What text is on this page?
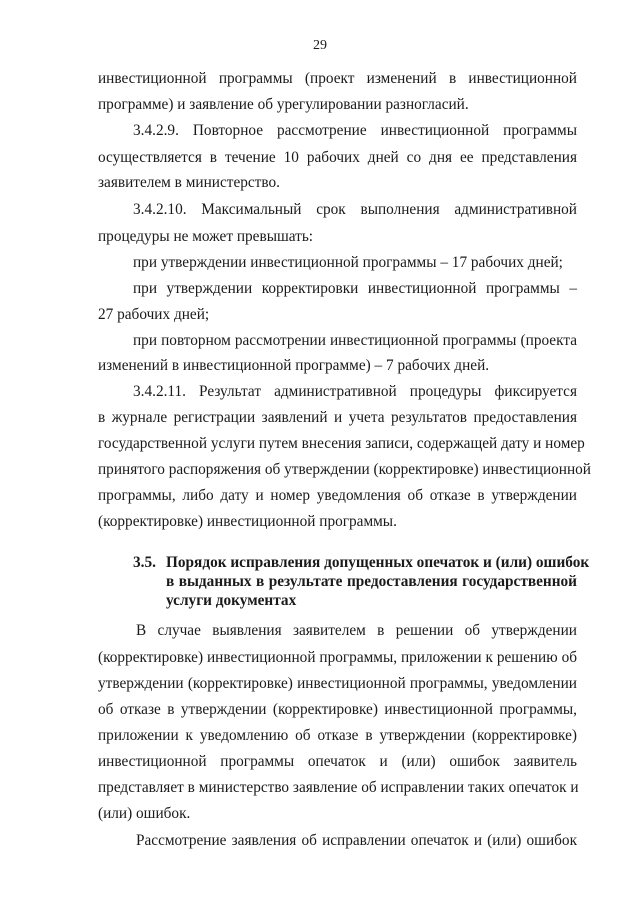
29
инвестиционной программы (проект изменений в инвестиционной
программе) и заявление об урегулировании разногласий.
3.4.2.9. Повторное рассмотрение инвестиционной программы
осуществляется в течение 10 рабочих дней со дня ее представления
заявителем в министерство.
3.4.2.10. Максимальный срок выполнения административной
процедуры не может превышать:
при утверждении инвестиционной программы – 17 рабочих дней;
при утверждении корректировки инвестиционной программы –
27 рабочих дней;
при повторном рассмотрении инвестиционной программы (проекта
изменений в инвестиционной программе) – 7 рабочих дней.
3.4.2.11. Результат административной процедуры фиксируется
в журнале регистрации заявлений и учета результатов предоставления
государственной услуги путем внесения записи, содержащей дату и номер
принятого распоряжения об утверждении (корректировке) инвестиционной
программы, либо дату и номер уведомления об отказе в утверждении
(корректировке) инвестиционной программы.
3.5. Порядок исправления допущенных опечаток и (или) ошибок
в выданных в результате предоставления государственной
услуги документах
В случае выявления заявителем в решении об утверждении
(корректировке) инвестиционной программы, приложении к решению об
утверждении (корректировке) инвестиционной программы, уведомлении
об отказе в утверждении (корректировке) инвестиционной программы,
приложении к уведомлению об отказе в утверждении (корректировке)
инвестиционной программы опечаток и (или) ошибок заявитель
представляет в министерство заявление об исправлении таких опечаток и
(или) ошибок.
Рассмотрение заявления об исправлении опечаток и (или) ошибок
